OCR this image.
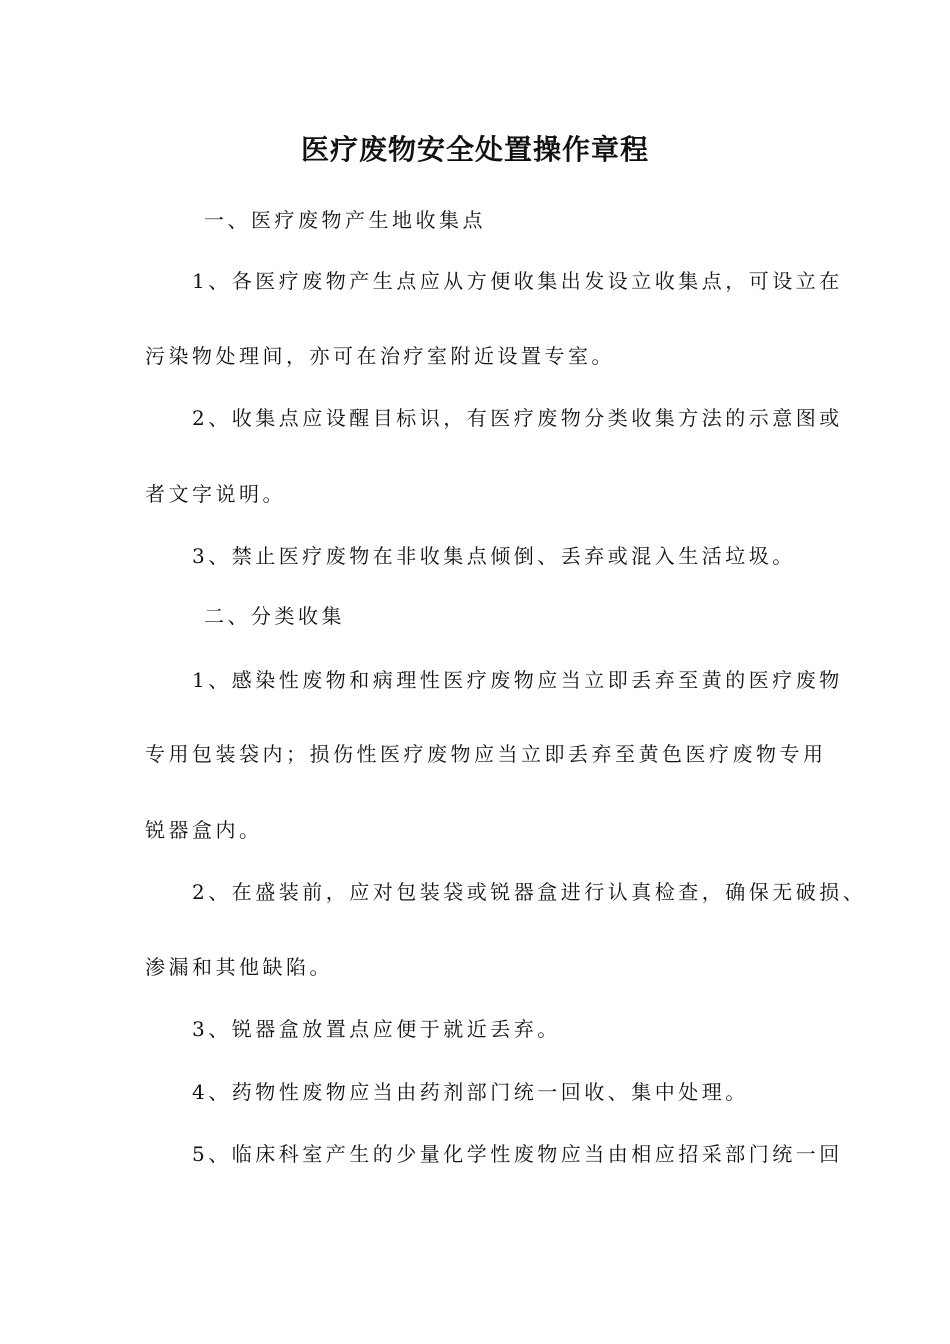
医疗废物安全处置操作章程
一、医疗废物产生地收集点
1、各医疗废物产生点应从方便收集出发设立收集点，可设立在
污染物处理间，亦可在治疗室附近设置专室。
2、收集点应设醒目标识，有医疗废物分类收集方法的示意图或
者文字说明。
3、禁止医疗废物在非收集点倾倒、丢弃或混入生活垃圾。
二、分类收集
1、感染性废物和病理性医疗废物应当立即丢弃至黄的医疗废物
专用包装袋内；损伤性医疗废物应当立即丢弃至黄色医疗废物专用
锐器盒内。
2、在盛装前，应对包装袋或锐器盒进行认真检查，确保无破损、
渗漏和其他缺陷。
3、锐器盒放置点应便于就近丢弃。
4、药物性废物应当由药剂部门统一回收、集中处理。
5、临床科室产生的少量化学性废物应当由相应招采部门统一回
